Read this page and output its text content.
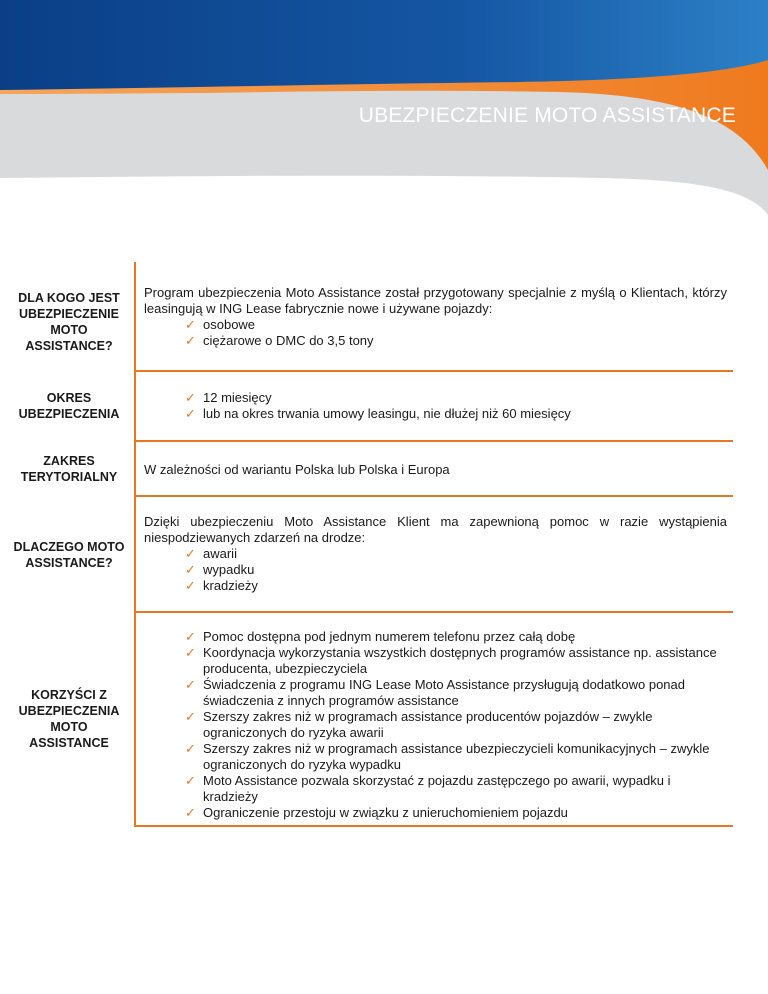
UBEZPIECZENIE MOTO ASSISTANCE
DLA KOGO JEST UBEZPIECZENIE MOTO ASSISTANCE?

Program ubezpieczenia Moto Assistance został przygotowany specjalnie z myślą o Klientach, którzy leasingują w ING Lease fabrycznie nowe i używane pojazdy:

✓ osobowe
✓ ciężarowe o DMC do 3,5 tony
OKRES UBEZPIECZENIA
✓ 12 miesięcy
✓ lub na okres trwania umowy leasingu, nie dłużej niż 60 miesięcy
ZAKRES TERYTORIALNY	W zależności od wariantu Polska lub Polska i Europa

DLACZEGO MOTO ASSISTANCE?

Dzięki ubezpieczeniu Moto Assistance Klient ma zapewnioną pomoc w razie wystąpienia niespodziewanych zdarzeń na drodze:

✓ awarii
✓ wypadku
✓ kradzieży
KORZYŚCI Z UBEZPIECZENIA MOTO ASSISTANCE
✓ Pomoc dostępna pod jednym numerem telefonu przez całą dobę
✓ Koordynacja wykorzystania wszystkich dostępnych programów assistance np. assistance producenta, ubezpieczyciela
✓ Świadczenia z programu ING Lease Moto Assistance przysługują dodatkowo ponad świadczenia z innych programów assistance
✓ Szerszy zakres niż w programach assistance producentów pojazdów – zwykle ograniczonych do ryzyka awarii
✓ Szerszy zakres niż w programach assistance ubezpieczycieli komunikacyjnych – zwykle ograniczonych do ryzyka wypadku
✓ Moto Assistance pozwala skorzystać z pojazdu zastępczego po awarii, wypadku i kradzieży
✓ Ograniczenie przestoju w związku z unieruchomieniem pojazdu
